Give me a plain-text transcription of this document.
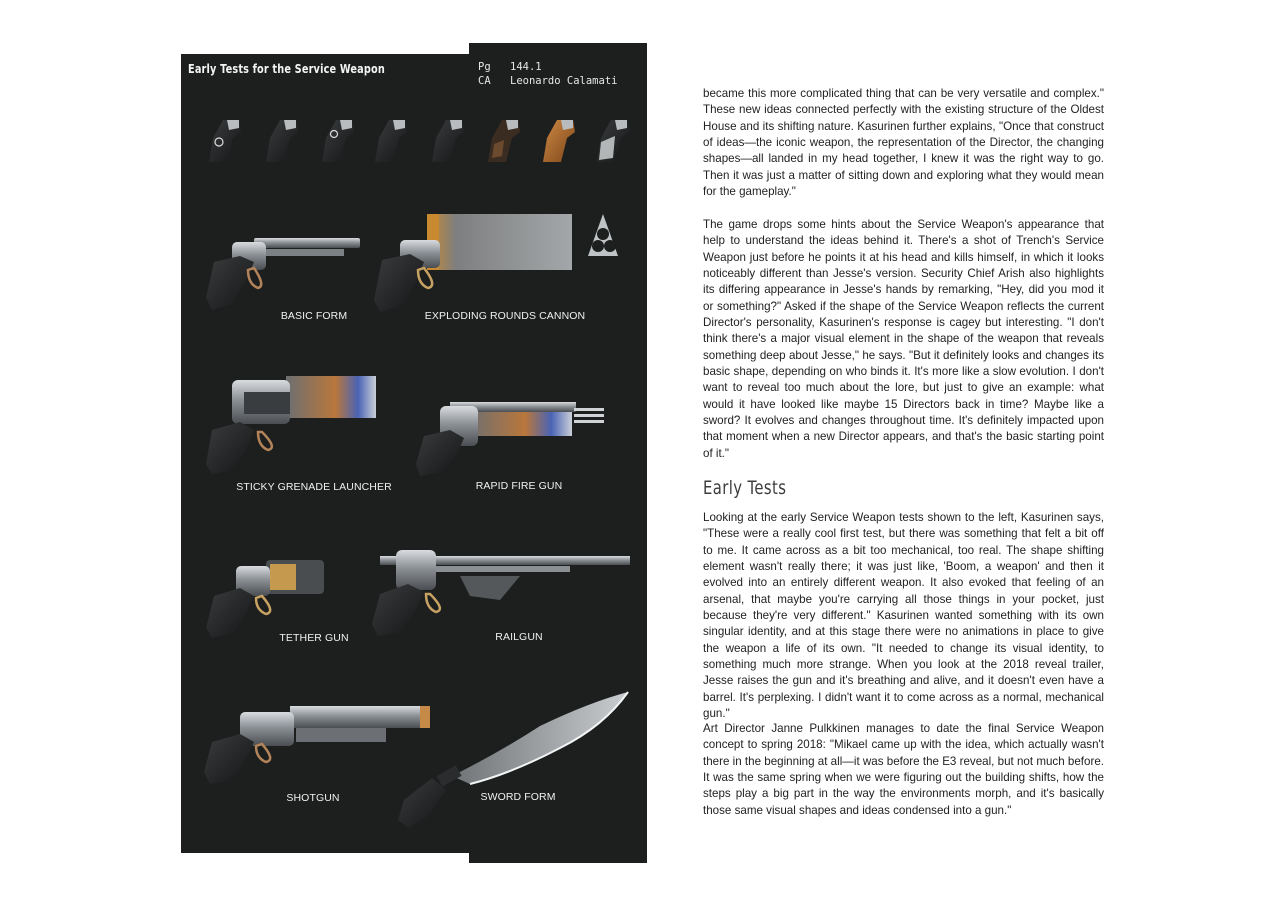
Early Tests for the Service Weapon	Pg	144.1
CA	Leonardo Calamati
BASIC FORM	EXPLODING ROUNDS CANNON
STICKY GRENADE LAUNCHER	RAPID FIRE GUN
TETHER GUN	RAILGUN
SHOTGUN	SWORD FORM

became this more complicated thing that can be very versatile and complex." These new ideas connected perfectly with the existing structure of the Oldest House and its shifting nature. Kasurinen further explains, "Once that construct of ideas—the iconic weapon, the representation of the Director, the changing shapes—all landed in my head together, I knew it was the right way to go. Then it was just a matter of sitting down and exploring what they would mean for the gameplay."

The game drops some hints about the Service Weapon's appearance that help to understand the ideas behind it. There's a shot of Trench's Service Weapon just before he points it at his head and kills himself, in which it looks noticeably different than Jesse's version. Security Chief Arish also highlights its differing appearance in Jesse's hands by remarking, "Hey, did you mod it or something?" Asked if the shape of the Service Weapon reflects the current Director's personality, Kasurinen's response is cagey but interesting. "I don't think there's a major visual element in the shape of the weapon that reveals something deep about Jesse," he says. "But it definitely looks and changes its basic shape, depending on who binds it. It's more like a slow evolution. I don't want to reveal too much about the lore, but just to give an example: what would it have looked like maybe 15 Directors back in time? Maybe like a sword? It evolves and changes throughout time. It's definitely impacted upon that moment when a new Director appears, and that's the basic starting point of it."

Early Tests

Looking at the early Service Weapon tests shown to the left, Kasurinen says, "These were a really cool first test, but there was something that felt a bit off to me. It came across as a bit too mechanical, too real. The shape shifting element wasn't really there; it was just like, 'Boom, a weapon' and then it evolved into an entirely different weapon. It also evoked that feeling of an arsenal, that maybe you're carrying all those things in your pocket, just because they're very different." Kasurinen wanted something with its own singular identity, and at this stage there were no animations in place to give the weapon a life of its own. "It needed to change its visual identity, to something much more strange. When you look at the 2018 reveal trailer, Jesse raises the gun and it's breathing and alive, and it doesn't even have a barrel. It's perplexing. I didn't want it to come across as a normal, mechanical gun."

Art Director Janne Pulkkinen manages to date the final Service Weapon concept to spring 2018: "Mikael came up with the idea, which actually wasn't there in the beginning at all—it was before the E3 reveal, but not much before. It was the same spring when we were figuring out the building shifts, how the steps play a big part in the way the environments morph, and it's basically those same visual shapes and ideas condensed into a gun."
